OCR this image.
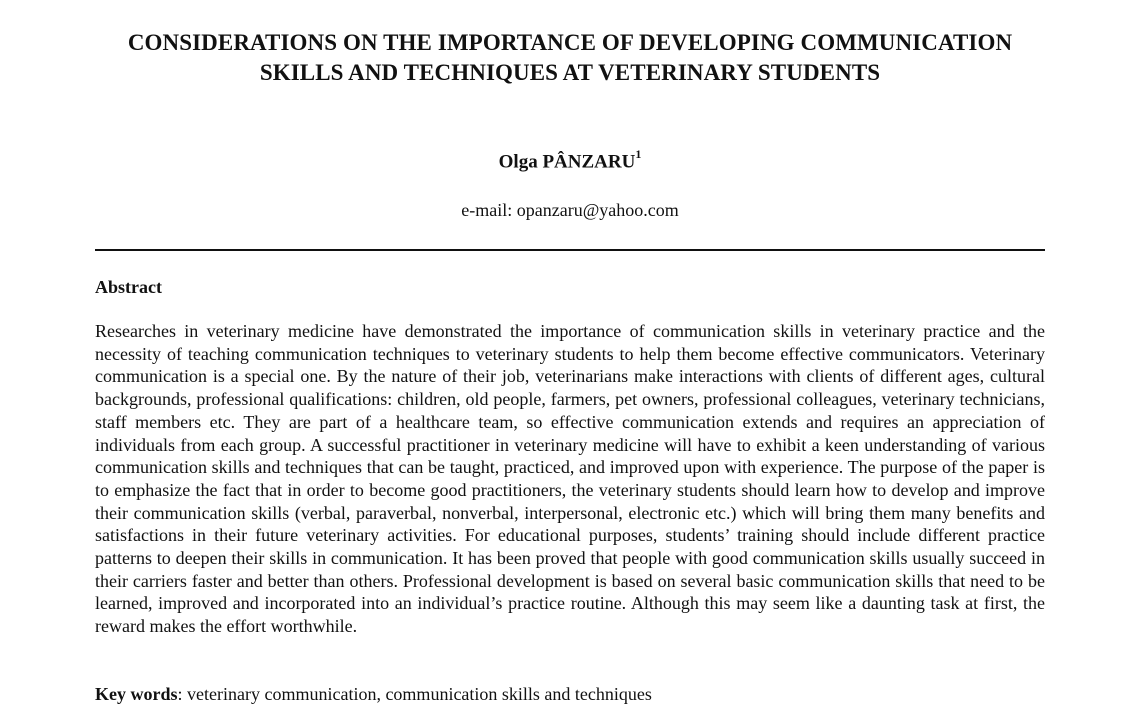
CONSIDERATIONS ON THE IMPORTANCE OF DEVELOPING COMMUNICATION SKILLS AND TECHNIQUES AT VETERINARY STUDENTS
Olga PÂNZARU$^1$
e-mail: opanzaru@yahoo.com
Abstract

Researches in veterinary medicine have demonstrated the importance of communication skills in veterinary practice and the necessity of teaching communication techniques to veterinary students to help them become effective communicators. Veterinary communication is a special one. By the nature of their job, veterinarians make interactions with clients of different ages, cultural backgrounds, professional qualifications: children, old people, farmers, pet owners, professional colleagues, veterinary technicians, staff members etc. They are part of a healthcare team, so effective communication extends and requires an appreciation of individuals from each group. A successful practitioner in veterinary medicine will have to exhibit a keen understanding of various communication skills and techniques that can be taught, practiced, and improved upon with experience. The purpose of the paper is to emphasize the fact that in order to become good practitioners, the veterinary students should learn how to develop and improve their communication skills (verbal, paraverbal, nonverbal, interpersonal, electronic etc.) which will bring them many benefits and satisfactions in their future veterinary activities. For educational purposes, students’ training should include different practice patterns to deepen their skills in communication. It has been proved that people with good communication skills usually succeed in their carriers faster and better than others. Professional development is based on several basic communication skills that need to be learned, improved and incorporated into an individual’s practice routine. Although this may seem like a daunting task at first, the reward makes the effort worthwhile.

Key words: veterinary communication, communication skills and techniques
